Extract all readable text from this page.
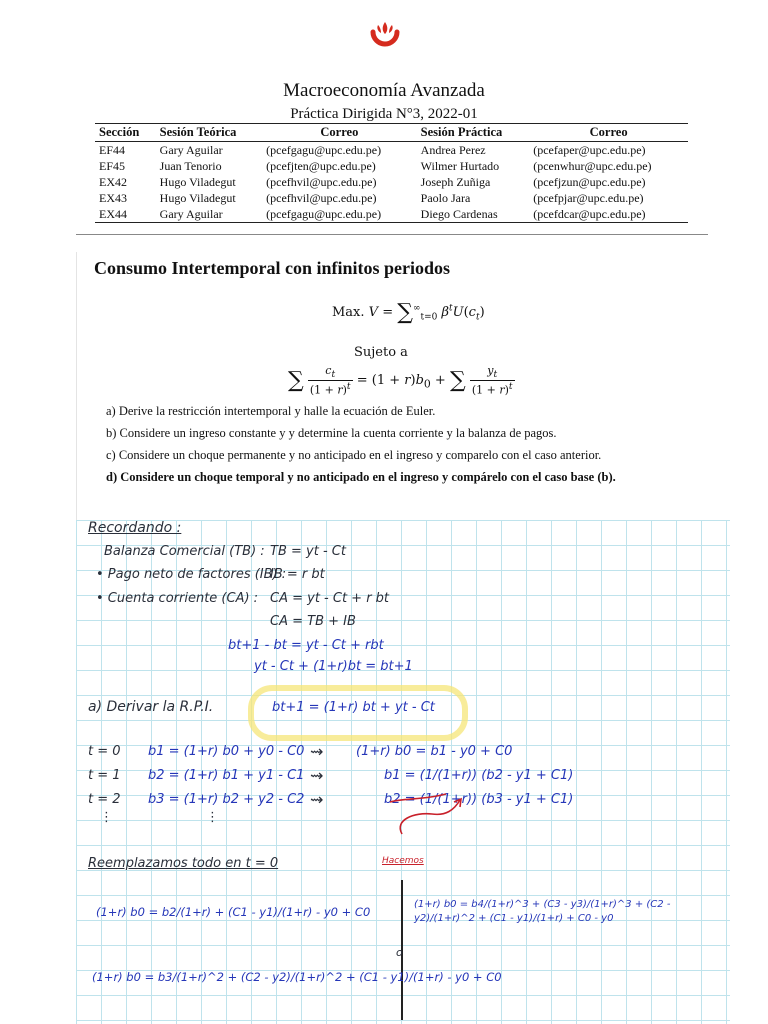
Macroeconomía Avanzada
Práctica Dirigida N°3, 2022-01
Sección	Sesión Teórica	Correo	Sesión Práctica	Correo
EF44	Gary Aguilar	(pcefgagu@upc.edu.pe)	Andrea Perez	(pcefaper@upc.edu.pe)
EF45	Juan Tenorio	(pcefjten@upc.edu.pe)	Wilmer Hurtado	(pcenwhur@upc.edu.pe)
EX42	Hugo Viladegut	(pcefhvil@upc.edu.pe)	Joseph Zuñiga	(pcefjzun@upc.edu.pe)
EX43	Hugo Viladegut	(pcefhvil@upc.edu.pe)	Paolo Jara	(pcefpjar@upc.edu.pe)
EX44	Gary Aguilar	(pcefgagu@upc.edu.pe)	Diego Cardenas	(pcefdcar@upc.edu.pe)
Consumo Intertemporal con infinitos periodos
Max. $V = \sum^\infty_{t=0}$ $\beta^tU(c_t)$
Sujeto a
∑ $\frac{c_t}{(1 + r)^t} = (1 + r)b_0$ + ∑ $\frac{y_t}{(1 + r)^t}$
a) Derive la restricción intertemporal y halle la ecuación de Euler.
b) Considere un ingreso constante y y determine la cuenta corriente y la balanza de pagos.
c) Considere un choque permanente y no anticipado en el ingreso y comparelo con el caso anterior.
d) Considere un choque temporal y no anticipado en el ingreso y compárelo con el caso base (b).
Recordando :
Balanza Comercial (TB) : TB = yt - Ct
• Pago neto de factores (IB) :
IB = r bt
• Cuenta corriente (CA) : CA = yt - Ct + r bt
CA = TB + IB
bt+1 - bt = yt - Ct + rbt
yt - Ct + (1+r)bt = bt+1
a) Derivar la R.P.I.	bt+1 = (1+r) bt + yt - Ct
t = 0 b1 = (1+r) b0 + y0 - C0 ⇝	(1+r) b0 = b1 - y0 + C0
t = 1 b2 = (1+r) b1 + y1 - C1 ⇝	b1 = (1/(1+r)) (b2 - y1 + C1)
t = 2 b3 = (1+r) b2 + y2 - C2 ⇝	b2 = (1/(1+r)) (b3 - y1 + C1)
⋮	⋮
Reemplazamos todo en t = 0	Hacemos
(1+r) b0 = b2/(1+r) + (C1 - y1)/(1+r) - y0 + C0
o
(1+r) b0 = b4/(1+r)^3 + (C3 - y3)/(1+r)^3 + (C2 - y2)/(1+r)^2 + (C1 - y1)/(1+r) + C0 - y0
(1+r) b0 = b3/(1+r)^2 + (C2 - y2)/(1+r)^2 + (C1 - y1)/(1+r) - y0 + C0
